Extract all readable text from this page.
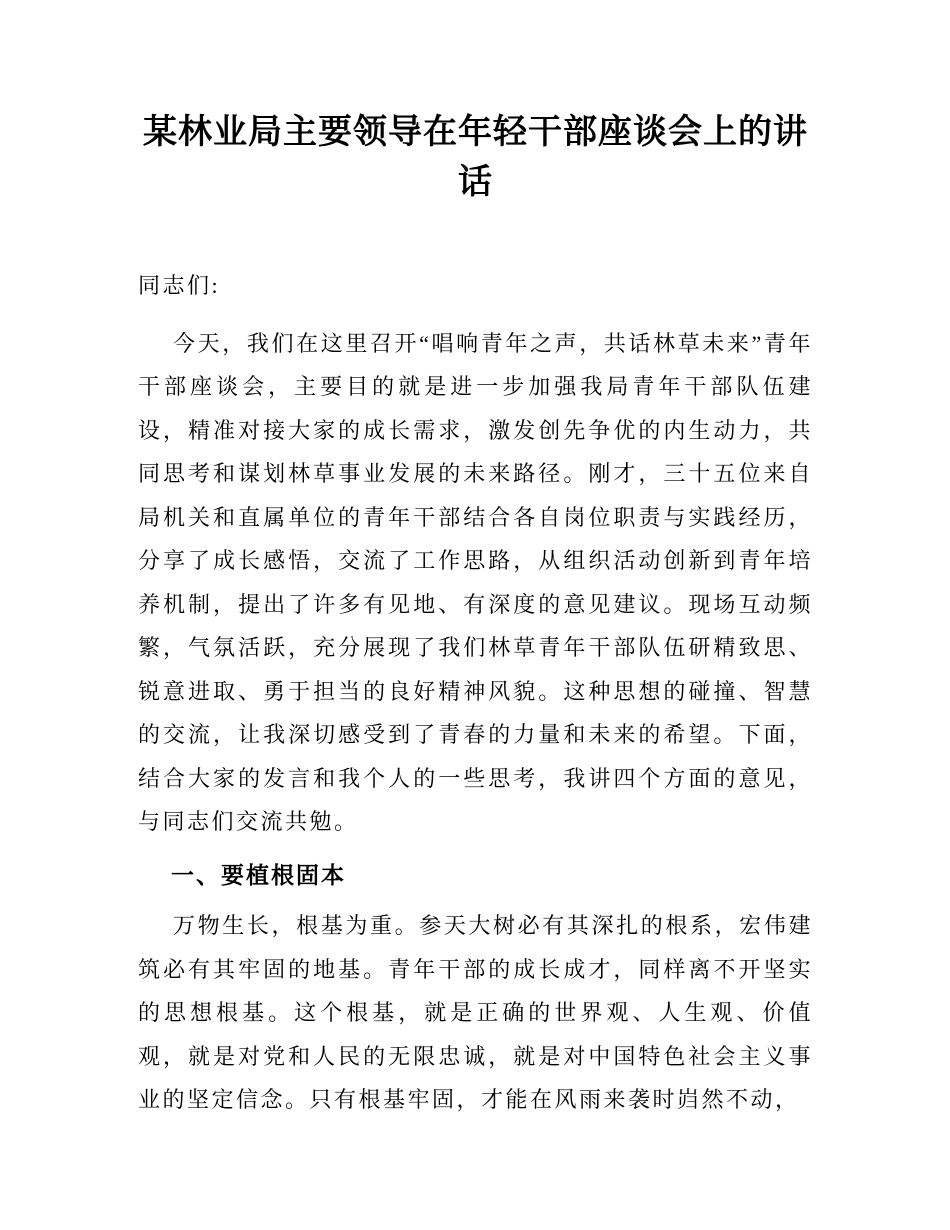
某林业局主要领导在年轻干部座谈会上的讲话

同志们:

今天，我们在这里召开“唱响青年之声，共话林草未来”青年干部座谈会，主要目的就是进一步加强我局青年干部队伍建设，精准对接大家的成长需求，激发创先争优的内生动力，共同思考和谋划林草事业发展的未来路径。刚才，三十五位来自局机关和直属单位的青年干部结合各自岗位职责与实践经历，分享了成长感悟，交流了工作思路，从组织活动创新到青年培养机制，提出了许多有见地、有深度的意见建议。现场互动频繁，气氛活跃，充分展现了我们林草青年干部队伍研精致思、锐意进取、勇于担当的良好精神风貌。这种思想的碰撞、智慧的交流，让我深切感受到了青春的力量和未来的希望。下面，结合大家的发言和我个人的一些思考，我讲四个方面的意见，与同志们交流共勉。

一、要植根固本

万物生长，根基为重。参天大树必有其深扎的根系，宏伟建筑必有其牢固的地基。青年干部的成长成才，同样离不开坚实的思想根基。这个根基，就是正确的世界观、人生观、价值观，就是对党和人民的无限忠诚，就是对中国特色社会主义事业的坚定信念。只有根基牢固，才能在风雨来袭时岿然不动，
